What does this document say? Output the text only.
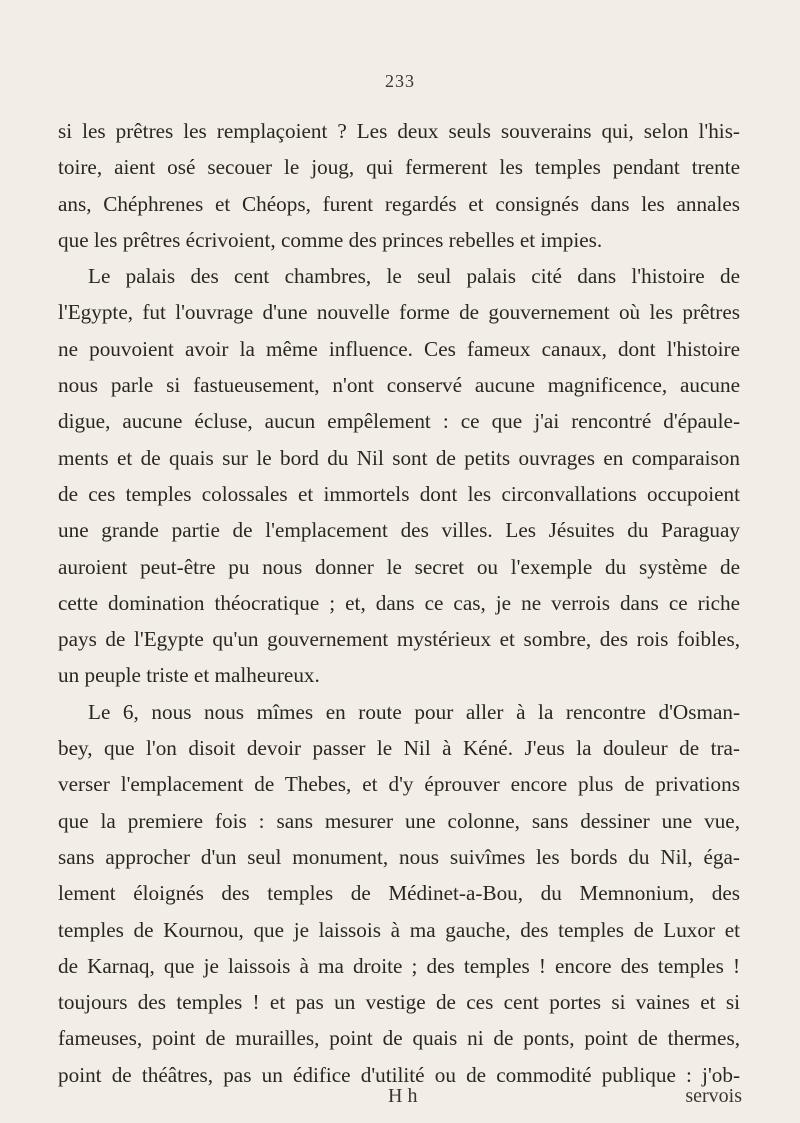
233
si les prêtres les remplaçoient ? Les deux seuls souverains qui, selon l'his-
toire, aient osé secouer le joug, qui fermerent les temples pendant trente
ans, Chéphrenes et Chéops, furent regardés et consignés dans les annales
que les prêtres écrivoient, comme des princes rebelles et impies.
Le palais des cent chambres, le seul palais cité dans l'histoire de
l'Egypte, fut l'ouvrage d'une nouvelle forme de gouvernement où les prêtres
ne pouvoient avoir la même influence. Ces fameux canaux, dont l'histoire
nous parle si fastueusement, n'ont conservé aucune magnificence, aucune
digue, aucune écluse, aucun empêlement : ce que j'ai rencontré d'épaule-
ments et de quais sur le bord du Nil sont de petits ouvrages en comparaison
de ces temples colossales et immortels dont les circonvallations occupoient
une grande partie de l'emplacement des villes. Les Jésuites du Paraguay
auroient peut-être pu nous donner le secret ou l'exemple du système de
cette domination théocratique ; et, dans ce cas, je ne verrois dans ce riche
pays de l'Egypte qu'un gouvernement mystérieux et sombre, des rois foibles,
un peuple triste et malheureux.
Le 6, nous nous mîmes en route pour aller à la rencontre d'Osman-
bey, que l'on disoit devoir passer le Nil à Kéné. J'eus la douleur de tra-
verser l'emplacement de Thebes, et d'y éprouver encore plus de privations
que la premiere fois : sans mesurer une colonne, sans dessiner une vue,
sans approcher d'un seul monument, nous suivîmes les bords du Nil, éga-
lement éloignés des temples de Médinet-a-Bou, du Memnonium, des
temples de Kournou, que je laissois à ma gauche, des temples de Luxor et
de Karnaq, que je laissois à ma droite ; des temples ! encore des temples !
toujours des temples ! et pas un vestige de ces cent portes si vaines et si
fameuses, point de murailles, point de quais ni de ponts, point de thermes,
point de théâtres, pas un édifice d'utilité ou de commodité publique : j'ob-
H h	servois
